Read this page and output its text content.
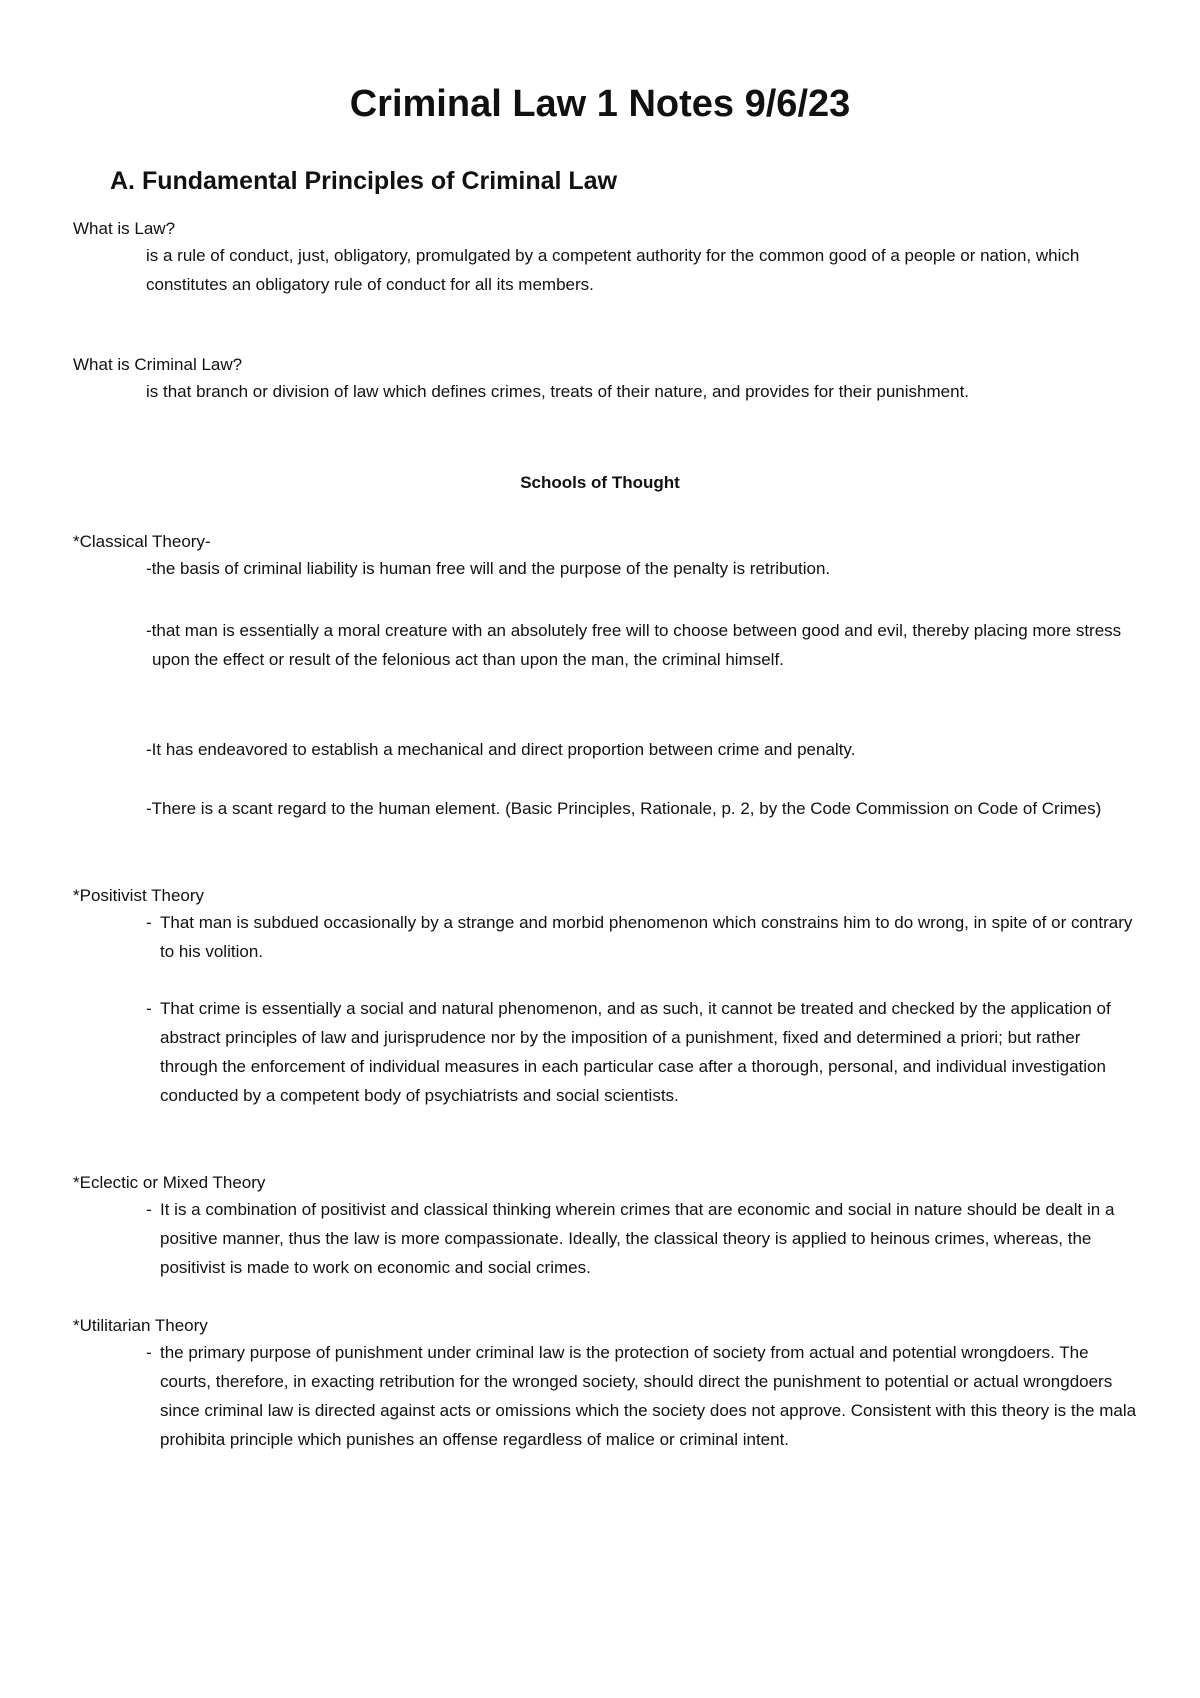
Criminal Law 1 Notes 9/6/23
A. Fundamental Principles of Criminal Law

What is Law?

is a rule of conduct, just, obligatory, promulgated by a competent authority for the common good of a people or nation, which constitutes an obligatory rule of conduct for all its members.

What is Criminal Law?

is that branch or division of law which defines crimes, treats of their nature, and provides for their punishment.

Schools of Thought

*Classical Theory-

-the basis of criminal liability is human free will and the purpose of the penalty is retribution.

-that man is essentially a moral creature with an absolutely free will to choose between good and evil, thereby placing more stress upon the effect or result of the felonious act than upon the man, the criminal himself.

-It has endeavored to establish a mechanical and direct proportion between crime and penalty.

-There is a scant regard to the human element. (Basic Principles, Rationale, p. 2, by the Code Commission on Code of Crimes)

*Positivist Theory

- That man is subdued occasionally by a strange and morbid phenomenon which constrains him to do wrong, in spite of or contrary to his volition.

- That crime is essentially a social and natural phenomenon, and as such, it cannot be treated and checked by the application of abstract principles of law and jurisprudence nor by the imposition of a punishment, fixed and determined a priori; but rather through the enforcement of individual measures in each particular case after a thorough, personal, and individual investigation conducted by a competent body of psychiatrists and social scientists.

*Eclectic or Mixed Theory

- It is a combination of positivist and classical thinking wherein crimes that are economic and social in nature should be dealt in a positive manner, thus the law is more compassionate. Ideally, the classical theory is applied to heinous crimes, whereas, the positivist is made to work on economic and social crimes.

*Utilitarian Theory

- the primary purpose of punishment under criminal law is the protection of society from actual and potential wrongdoers. The courts, therefore, in exacting retribution for the wronged society, should direct the punishment to potential or actual wrongdoers since criminal law is directed against acts or omissions which the society does not approve. Consistent with this theory is the mala prohibita principle which punishes an offense regardless of malice or criminal intent.
